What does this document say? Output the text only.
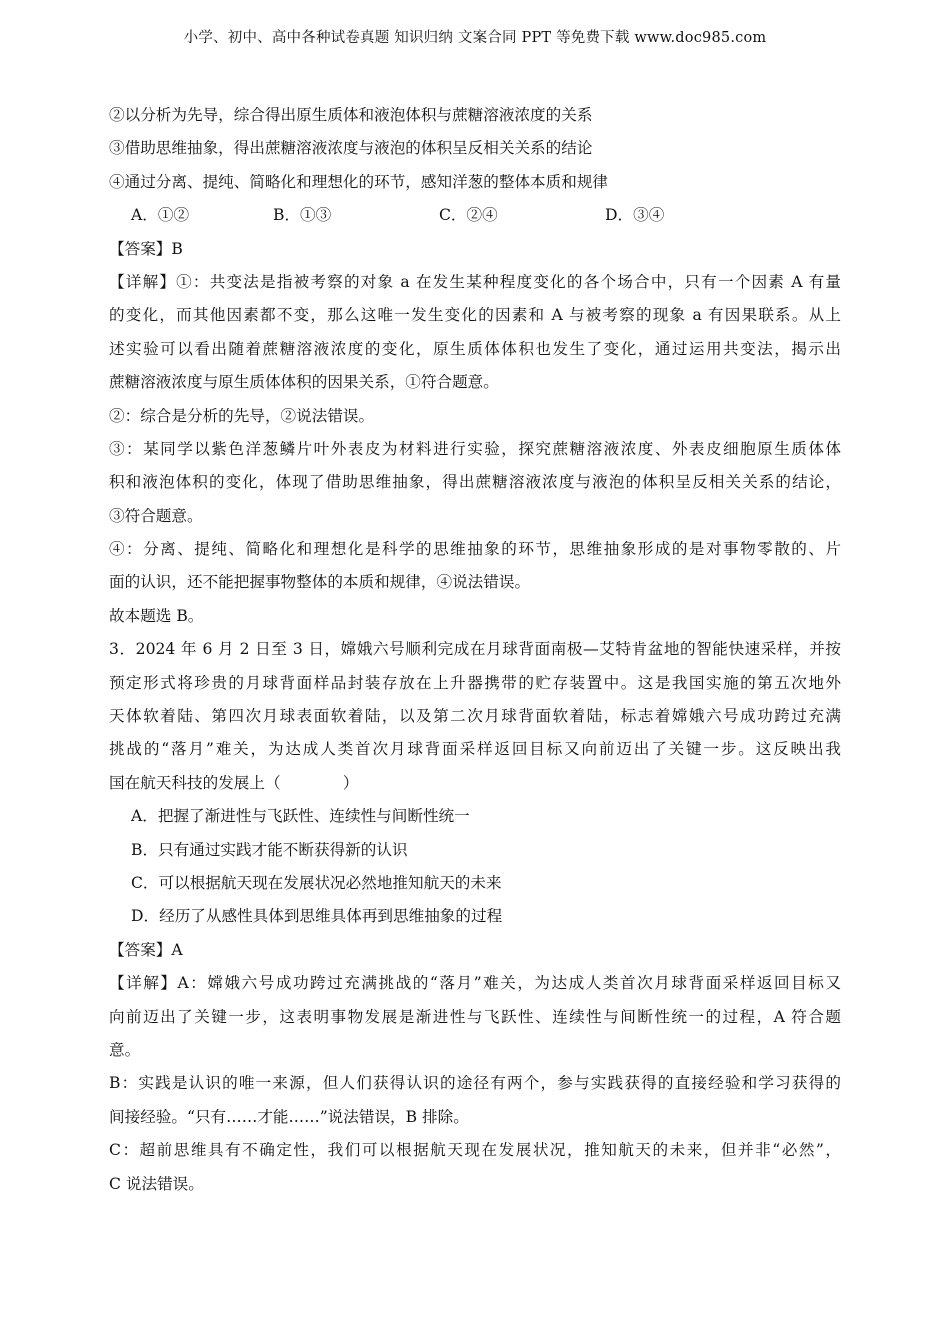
小学、初中、高中各种试卷真题 知识归纳 文案合同 PPT 等免费下载 www.doc985.com
②以分析为先导，综合得出原生质体和液泡体积与蔗糖溶液浓度的关系
③借助思维抽象，得出蔗糖溶液浓度与液泡的体积呈反相关关系的结论
④通过分离、提纯、简略化和理想化的环节，感知洋葱的整体本质和规律
A．①②	B．①③	C．②④	D．③④
【答案】B
【详解】①：共变法是指被考察的对象 a 在发生某种程度变化的各个场合中，只有一个因素 A 有量
的变化，而其他因素都不变，那么这唯一发生变化的因素和 A 与被考察的现象 a 有因果联系。从上
述实验可以看出随着蔗糖溶液浓度的变化，原生质体体积也发生了变化，通过运用共变法，揭示出
蔗糖溶液浓度与原生质体体积的因果关系，①符合题意。
②：综合是分析的先导，②说法错误。
③：某同学以紫色洋葱鳞片叶外表皮为材料进行实验，探究蔗糖溶液浓度、外表皮细胞原生质体体
积和液泡体积的变化，体现了借助思维抽象，得出蔗糖溶液浓度与液泡的体积呈反相关关系的结论，
③符合题意。
④：分离、提纯、简略化和理想化是科学的思维抽象的环节，思维抽象形成的是对事物零散的、片
面的认识，还不能把握事物整体的本质和规律，④说法错误。
故本题选 B。
3．2024 年 6 月 2 日至 3 日，嫦娥六号顺利完成在月球背面南极—艾特肯盆地的智能快速采样，并按
预定形式将珍贵的月球背面样品封装存放在上升器携带的贮存装置中。这是我国实施的第五次地外
天体软着陆、第四次月球表面软着陆，以及第二次月球背面软着陆，标志着嫦娥六号成功跨过充满
挑战的“落月”难关，为达成人类首次月球背面采样返回目标又向前迈出了关键一步。这反映出我
国在航天科技的发展上（　　　　）
A．把握了渐进性与飞跃性、连续性与间断性统一
B．只有通过实践才能不断获得新的认识
C．可以根据航天现在发展状况必然地推知航天的未来
D．经历了从感性具体到思维具体再到思维抽象的过程
【答案】A
【详解】A：嫦娥六号成功跨过充满挑战的“落月”难关，为达成人类首次月球背面采样返回目标又
向前迈出了关键一步，这表明事物发展是渐进性与飞跃性、连续性与间断性统一的过程，A 符合题
意。
B：实践是认识的唯一来源，但人们获得认识的途径有两个，参与实践获得的直接经验和学习获得的
间接经验。“只有……才能……”说法错误，B 排除。
C：超前思维具有不确定性，我们可以根据航天现在发展状况，推知航天的未来，但并非“必然”，
C 说法错误。
